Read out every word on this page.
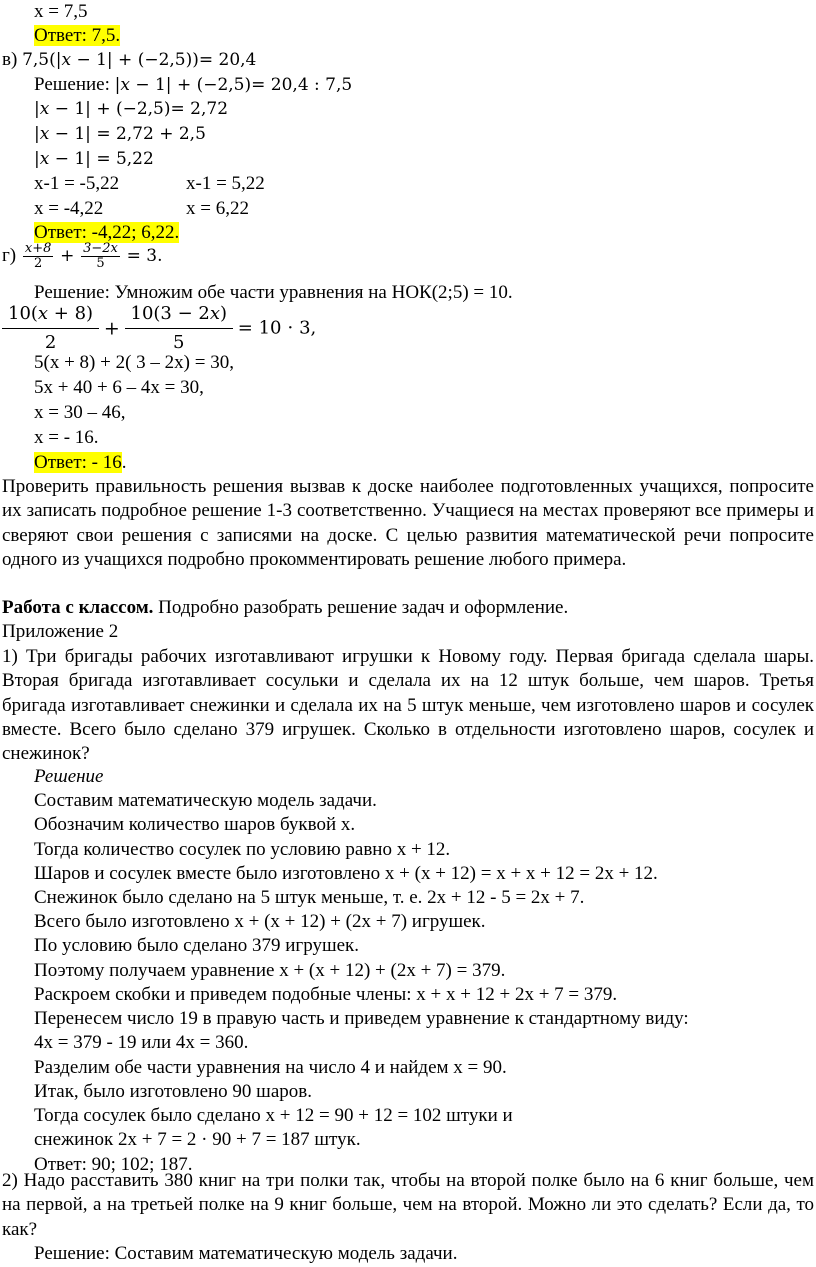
x = 7,5
Ответ: 7,5.
в) 7,5(|𝑥 − 1| + (−2,5))= 20,4
Решение: |𝑥 − 1| + (−2,5)= 20,4 : 7,5
|𝑥 − 1| + (−2,5)= 2,72
|𝑥 − 1| = 2,72 + 2,5
|𝑥 − 1| = 5,22
x-1 = -5,22	x-1 = 5,22
x = -4,22	x = 6,22
Ответ: -4,22; 6,22.
$г) \frac{x+8}{2} + \frac{3-2x}{5} = 3$.
Решение: Умножим обе части уравнения на НОК(2;5) = 10.
$\frac{\text{10(𝑥 + 8)}}{2} + \frac{\text{10(3 − 2𝑥)}}{5} = 10 \cdot 3$,
5(x + 8) + 2( 3 – 2x) = 30,
5x + 40 + 6 – 4x = 30,
x = 30 – 46,
x = - 16.
Ответ: - 16.
Проверить правильность решения вызвав к доске наиболее подготовленных учащихся, попросите их записать подробное решение 1-3 соответственно. Учащиеся на местах проверяют все примеры и сверяют свои решения с записями на доске. С целью развития математической речи попросите одного из учащихся подробно прокомментировать решение любого примера.
Работа с классом. Подробно разобрать решение задач и оформление.
Приложение 2
1) Три бригады рабочих изготавливают игрушки к Новому году. Первая бригада сделала шары. Вторая бригада изготавливает сосульки и сделала их на 12 штук больше, чем шаров. Третья бригада изготавливает снежинки и сделала их на 5 штук меньше, чем изготовлено шаров и сосулек вместе. Всего было сделано 379 игрушек. Сколько в отдельности изготовлено шаров, сосулек и снежинок?
Решение
Составим математическую модель задачи.
Обозначим количество шаров буквой х.
Тогда количество сосулек по условию равно х + 12.
Шаров и сосулек вместе было изготовлено х + (х + 12) = х + х + 12 = 2х + 12.
Снежинок было сделано на 5 штук меньше, т. е. 2х + 12 - 5 = 2х + 7.
Всего было изготовлено х + (х + 12) + (2х + 7) игрушек.
По условию было сделано 379 игрушек.
Поэтому получаем уравнение х + (х + 12) + (2х + 7) = 379.
Раскроем скобки и приведем подобные члены: х + х + 12 + 2х + 7 = 379.
Перенесем число 19 в правую часть и приведем уравнение к стандартному виду:
4х = 379 - 19 или 4х = 360.
Разделим обе части уравнения на число 4 и найдем х = 90.
Итак, было изготовлено 90 шаров.
Тогда сосулек было сделано х + 12 = 90 + 12 = 102 штуки и
снежинок 2х + 7 = 2 · 90 + 7 = 187 штук.
Ответ: 90; 102; 187.
2) Надо расставить 380 книг на три полки так, чтобы на второй полке было на 6 книг больше, чем на первой, а на третьей полке на 9 книг больше, чем на второй. Можно ли это сделать? Если да, то как?
Решение: Составим математическую модель задачи.
